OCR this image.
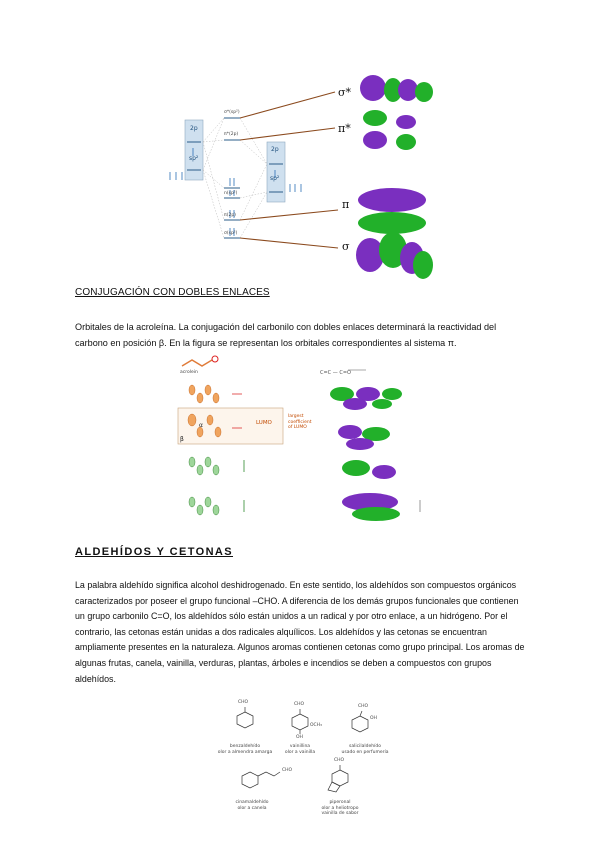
2p
sp²
2p
sp²
σ*(sp²)
π*(2p)
n(sp²)
π(2p)
σ(sp²)
σ*
π*
π
σ
CONJUGACIÓN CON DOBLES ENLACES
Orbitales de la acroleína. La conjugación del carbonilo con dobles enlaces determinará la reactividad del carbono en posición β. En la figura se representan los orbitales correspondientes al sistema π.
C=C — C=O
acrolein
LUMO
α
β
largest
coefficient
of LUMO
ALDEHÍDOS Y CETONAS
La palabra aldehído significa alcohol deshidrogenado. En este sentido, los aldehídos son compuestos orgánicos caracterizados por poseer el grupo funcional –CHO. A diferencia de los demás grupos funcionales que contienen un grupo carbonilo C=O, los aldehídos sólo están unidos a un radical y por otro enlace, a un hidrógeno. Por el contrario, las cetonas están unidas a dos radicales alquílicos. Los aldehídos y las cetonas se encuentran ampliamente presentes en la naturaleza. Algunos aromas contienen cetonas como grupo principal. Los aromas de algunas frutas, canela, vainilla, verduras, plantas, árboles e incendios se deben a compuestos con grupos aldehídos.
CHO
benzaldehído
olor a almendra amarga
CHO
OCH₃
OH
vainillina
olor a vainilla
CHO
OH
salicilaldehído
usado en perfumería
CHO
cinamaldehído
olor a canela
CHO
piperonal
olor a heliotropo
vainilla de sabor
